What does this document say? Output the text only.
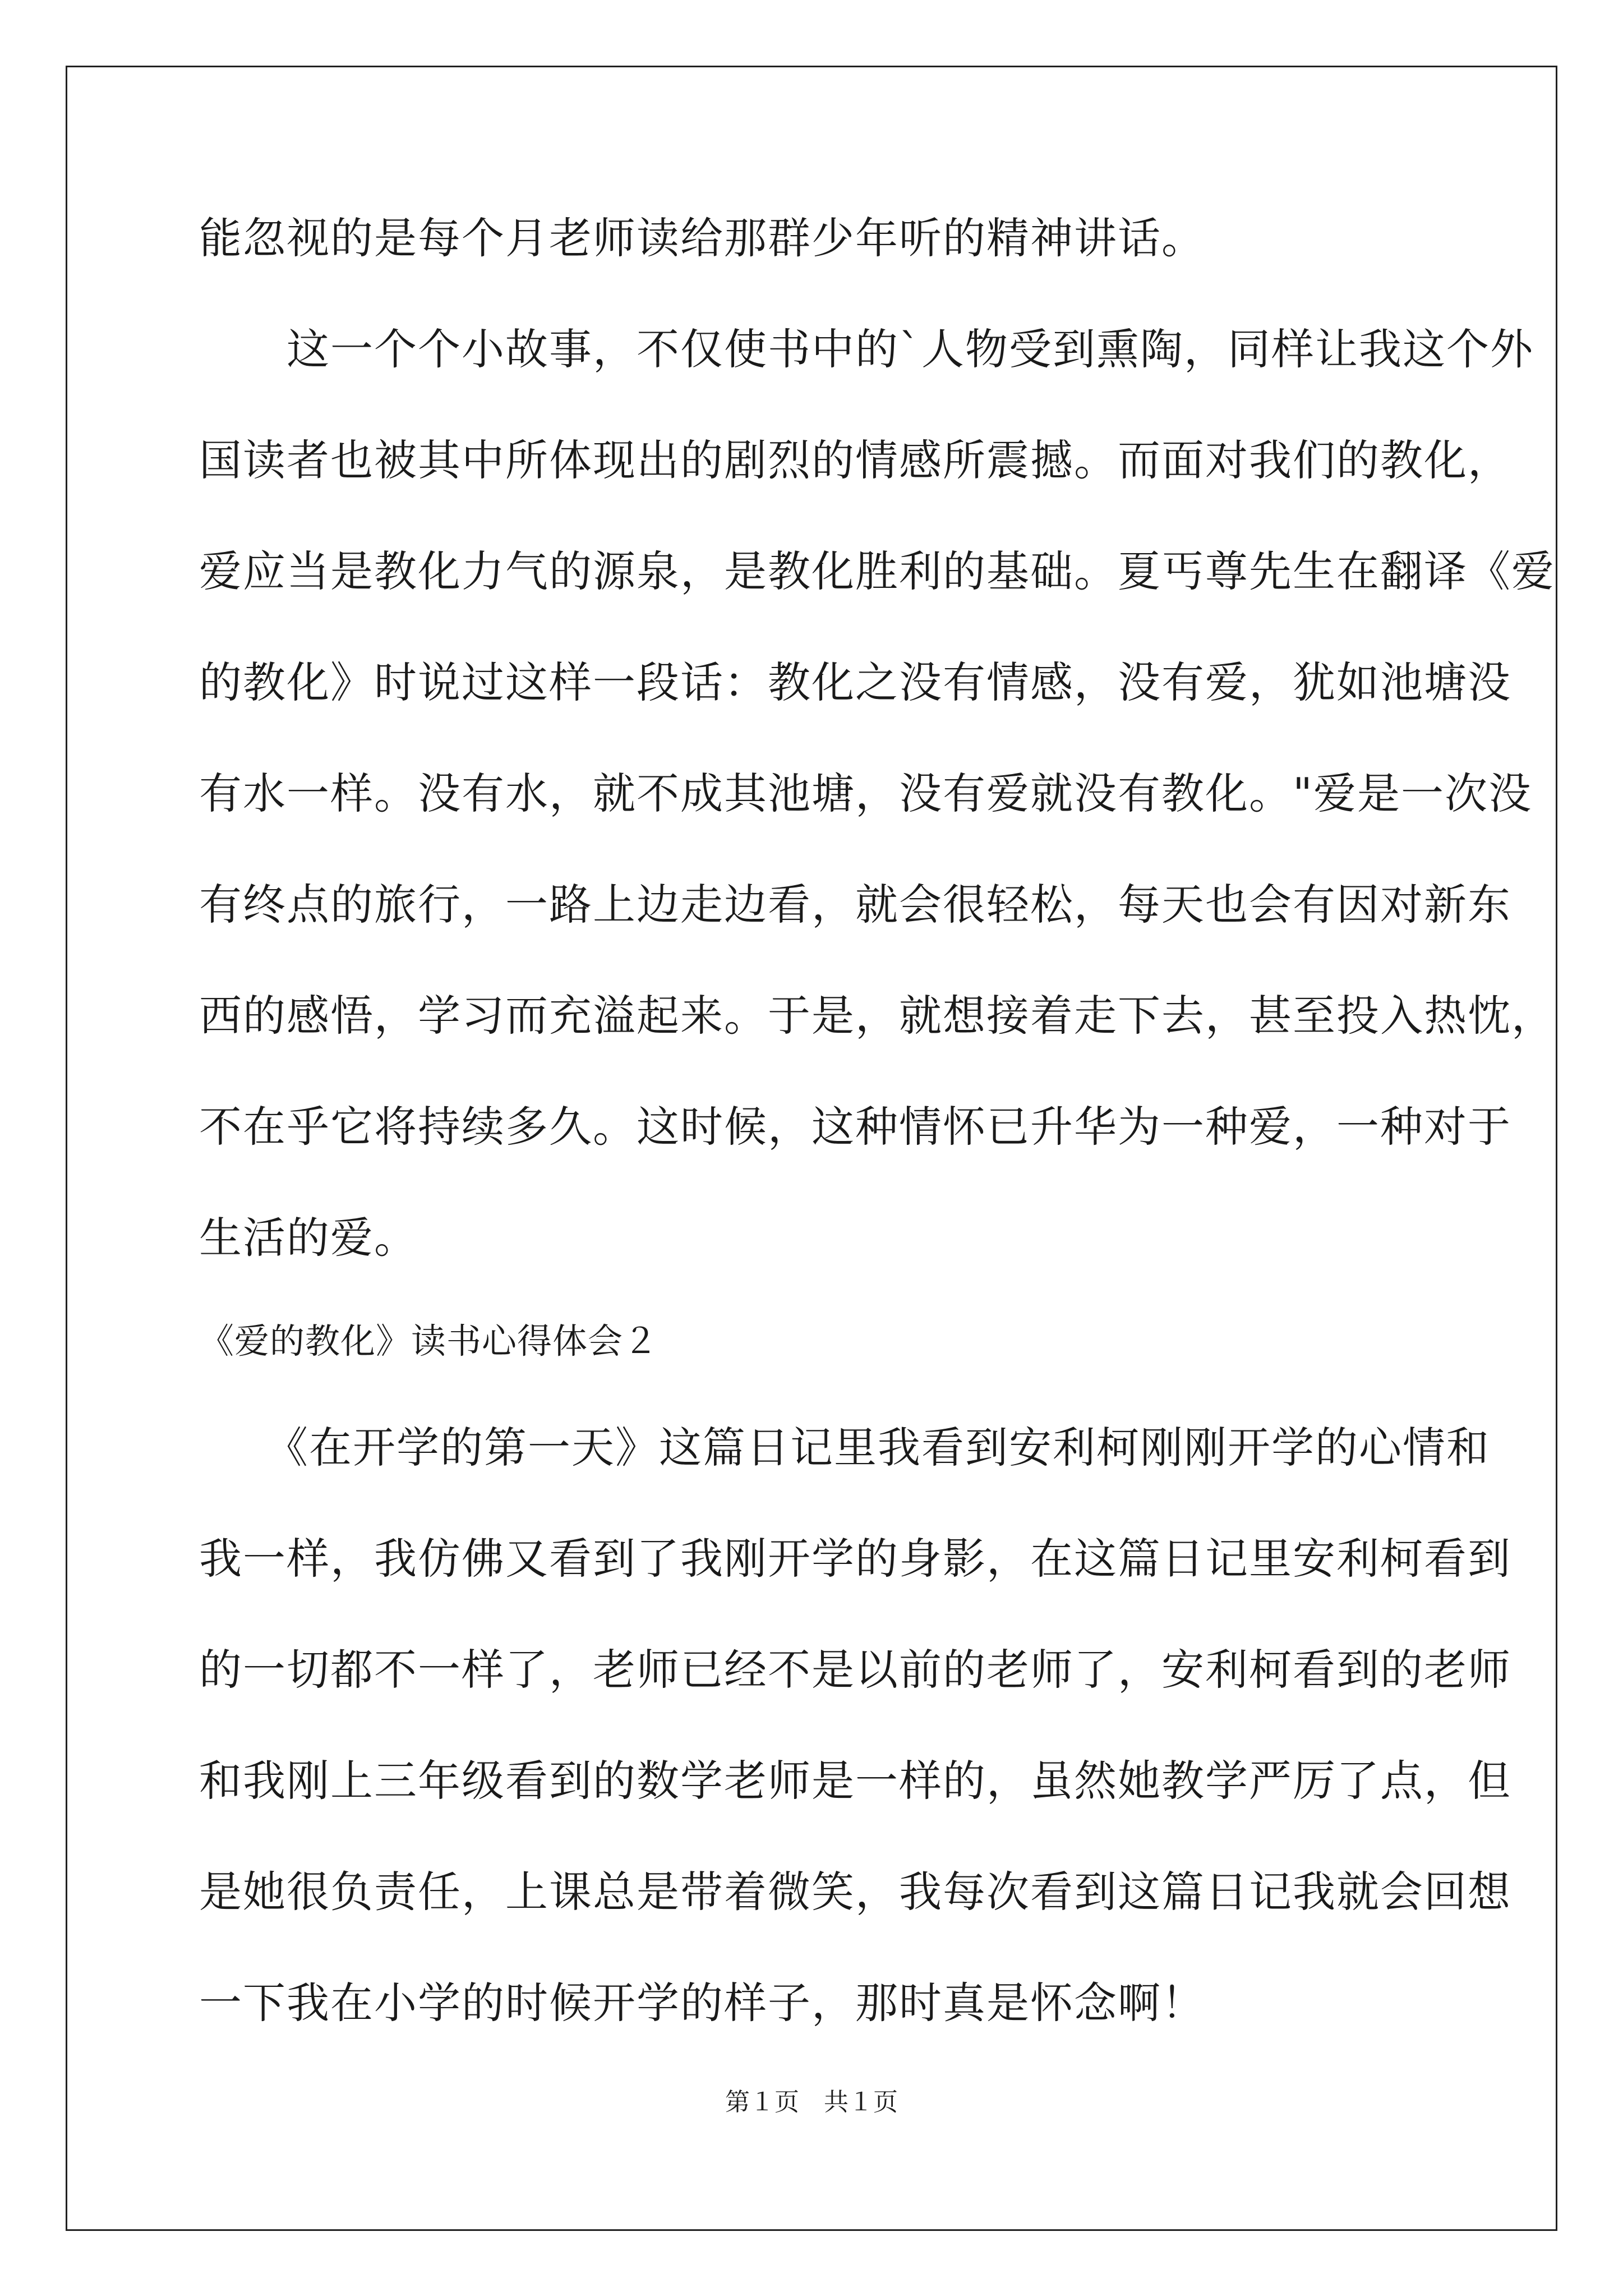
能忽视的是每个月老师读给那群少年听的精神讲话。
　　这一个个小故事，不仅使书中的`人物受到熏陶，同样让我这个外
国读者也被其中所体现出的剧烈的情感所震撼。而面对我们的教化，
爱应当是教化力气的源泉，是教化胜利的基础。夏丐尊先生在翻译《爱
的教化》时说过这样一段话：教化之没有情感，没有爱，犹如池塘没
有水一样。没有水，就不成其池塘，没有爱就没有教化。"爱是一次没
有终点的旅行，一路上边走边看，就会很轻松，每天也会有因对新东
西的感悟，学习而充溢起来。于是，就想接着走下去，甚至投入热忱，
不在乎它将持续多久。这时候，这种情怀已升华为一种爱，一种对于
生活的爱。
《爱的教化》读书心得体会２
　　《在开学的第一天》这篇日记里我看到安利柯刚刚开学的心情和
我一样，我仿佛又看到了我刚开学的身影，在这篇日记里安利柯看到
的一切都不一样了，老师已经不是以前的老师了，安利柯看到的老师
和我刚上三年级看到的数学老师是一样的，虽然她教学严厉了点，但
是她很负责任，上课总是带着微笑，我每次看到这篇日记我就会回想
一下我在小学的时候开学的样子，那时真是怀念啊！
第１页　共１页
